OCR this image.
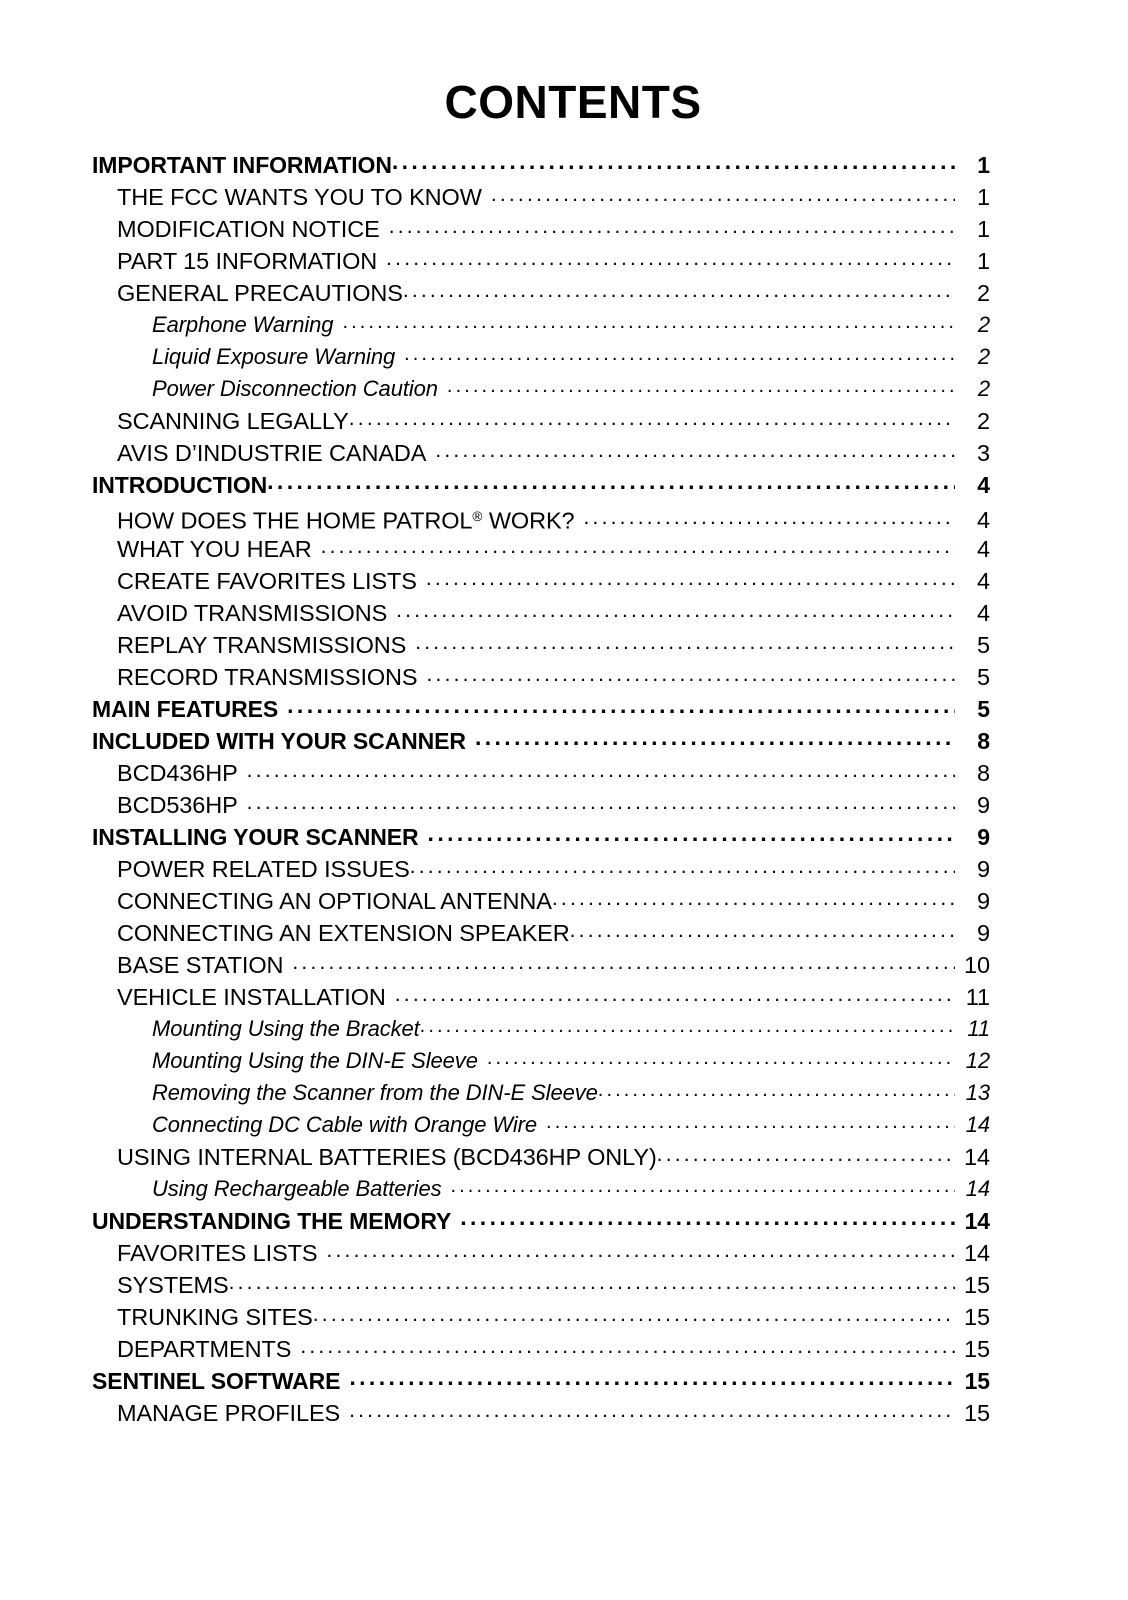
CONTENTS
IMPORTANT INFORMATION .....	1
THE FCC WANTS YOU TO KNOW .....	1
MODIFICATION NOTICE .....	1
PART 15 INFORMATION .....	1
GENERAL PRECAUTIONS .....	2
Earphone Warning .....	2
Liquid Exposure Warning .....	2
Power Disconnection Caution .....	2
SCANNING LEGALLY .....	2
AVIS D’INDUSTRIE CANADA .....	3
INTRODUCTION .....	4
HOW DOES THE HOME PATROL® WORK? .....	4
WHAT YOU HEAR .....	4
CREATE FAVORITES LISTS .....	4
AVOID TRANSMISSIONS .....	4
REPLAY TRANSMISSIONS .....	5
RECORD TRANSMISSIONS .....	5
MAIN FEATURES .....	5
INCLUDED WITH YOUR SCANNER .....	8
BCD436HP .....	8
BCD536HP .....	9
INSTALLING YOUR SCANNER .....	9
POWER RELATED ISSUES .....	9
CONNECTING AN OPTIONAL ANTENNA .....	9
CONNECTING AN EXTENSION SPEAKER .....	9
BASE STATION .....	10
VEHICLE INSTALLATION .....	11
Mounting Using the Bracket .....	11
Mounting Using the DIN-E Sleeve .....	12
Removing the Scanner from the DIN-E Sleeve .....	13
Connecting DC Cable with Orange Wire .....	14
USING INTERNAL BATTERIES (BCD436HP ONLY) .....	14
Using Rechargeable Batteries .....	14
UNDERSTANDING THE MEMORY .....	14
FAVORITES LISTS .....	14
SYSTEMS .....	15
TRUNKING SITES .....	15
DEPARTMENTS .....	15
SENTINEL SOFTWARE .....	15
MANAGE PROFILES .....	15
